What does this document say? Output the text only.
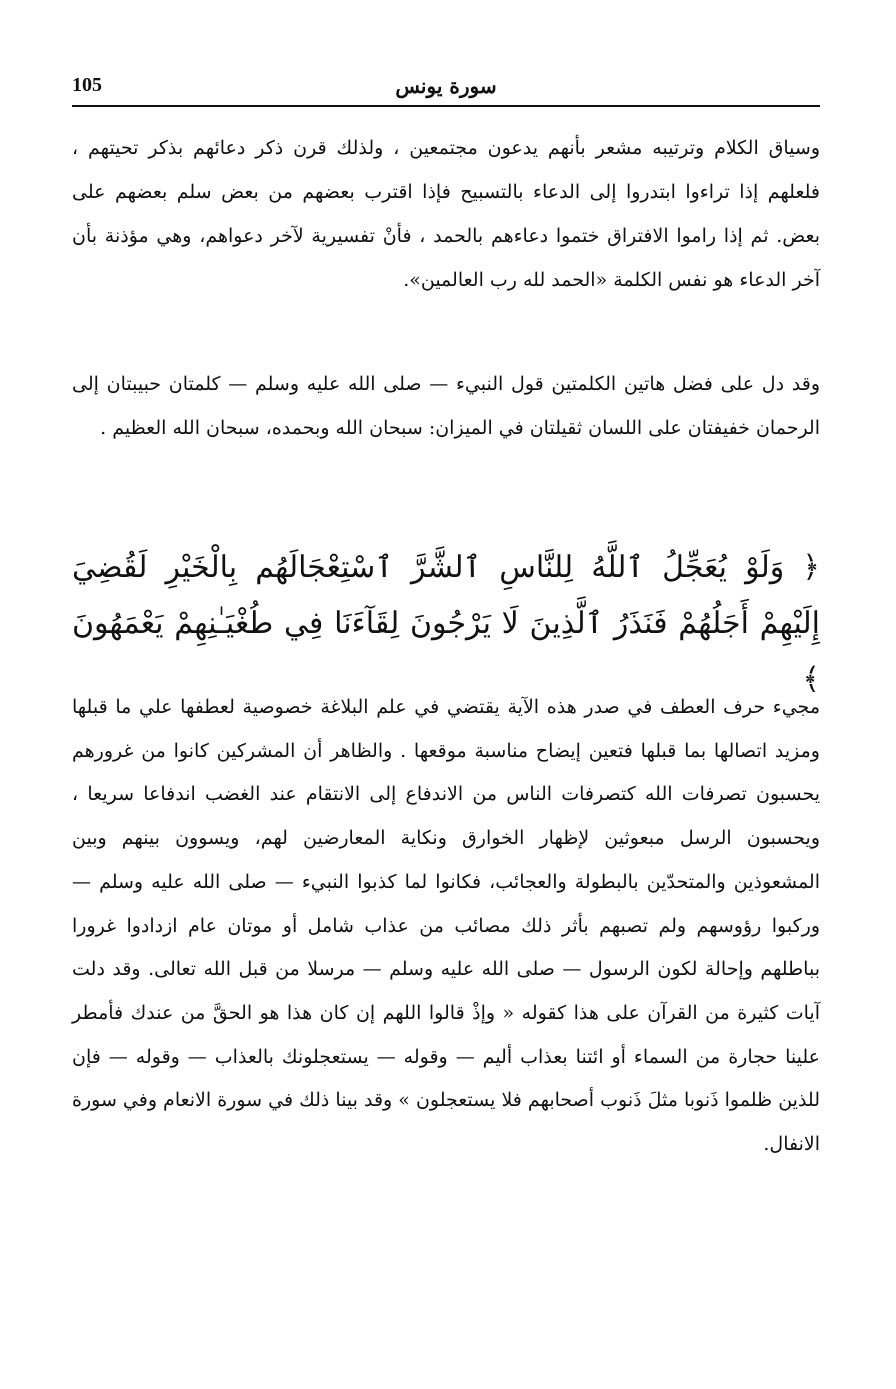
105	سورة يونس

وسياق الكلام وترتيبه مشعر بأنهم يدعون مجتمعين ، ولذلك قرن ذكر دعائهم بذكر تحيتهم ، فلعلهم إذا تراءوا ابتدروا إلى الدعاء بالتسبيح فإذا اقترب بعضهم من بعض سلم بعضهم على بعض. ثم إذا راموا الافتراق ختموا دعاءهم بالحمد ، فأنْ تفسيرية لآخر دعواهم، وهي مؤذنة بأن آخر الدعاء هو نفس الكلمة «الحمد لله رب العالمين».

وقد دل على فضل هاتين الكلمتين قول النبيء — صلى الله عليه وسلم — كلمتان حبيبتان إلى الرحمان خفيفتان على اللسان ثقيلتان في الميزان: سبحان الله وبحمده، سبحان الله العظيم .

﴿ وَلَوْ يُعَجِّلُ ٱللَّهُ لِلنَّاسِ ٱلشَّرَّ ٱسْتِعْجَالَهُم بِالْخَيْرِ لَقُضِيَ إِلَيْهِمْ أَجَلُهُمْ فَنَذَرُ ٱلَّذِينَ لَا يَرْجُونَ لِقَآءَنَا فِي طُغْيَـٰنِهِمْ يَعْمَهُونَ ﴾

مجيء حرف العطف في صدر هذه الآية يقتضي في علم البلاغة خصوصية لعطفها علي ما قبلها ومزيد اتصالها بما قبلها فتعين إيضاح مناسبة موقعها . والظاهر أن المشركين كانوا من غرورهم يحسبون تصرفات الله كتصرفات الناس من الاندفاع إلى الانتقام عند الغضب اندفاعا سريعا ، ويحسبون الرسل مبعوثين لإظهار الخوارق ونكاية المعارضين لهم، ويسوون بينهم وبين المشعوذين والمتحدّين بالبطولة والعجائب، فكانوا لما كذبوا النبيء — صلى الله عليه وسلم — وركبوا رؤوسهم ولم تصبهم بأثر ذلك مصائب من عذاب شامل أو موتان عام ازدادوا غرورا بباطلهم وإحالة لكون الرسول — صلى الله عليه وسلم — مرسلا من قبل الله تعالى. وقد دلت آيات كثيرة من القرآن على هذا كقوله « وإذْ قالوا اللهم إن كان هذا هو الحقَّ من عندك فأمطر علينا حجارة من السماء أو ائتنا بعذاب أليم — وقوله — يستعجلونك بالعذاب — وقوله — فإن للذين ظلموا ذَنوبا مثلَ ذَنوب أصحابهم فلا يستعجلون » وقد بينا ذلك في سورة الانعام وفي سورة الانفال.
